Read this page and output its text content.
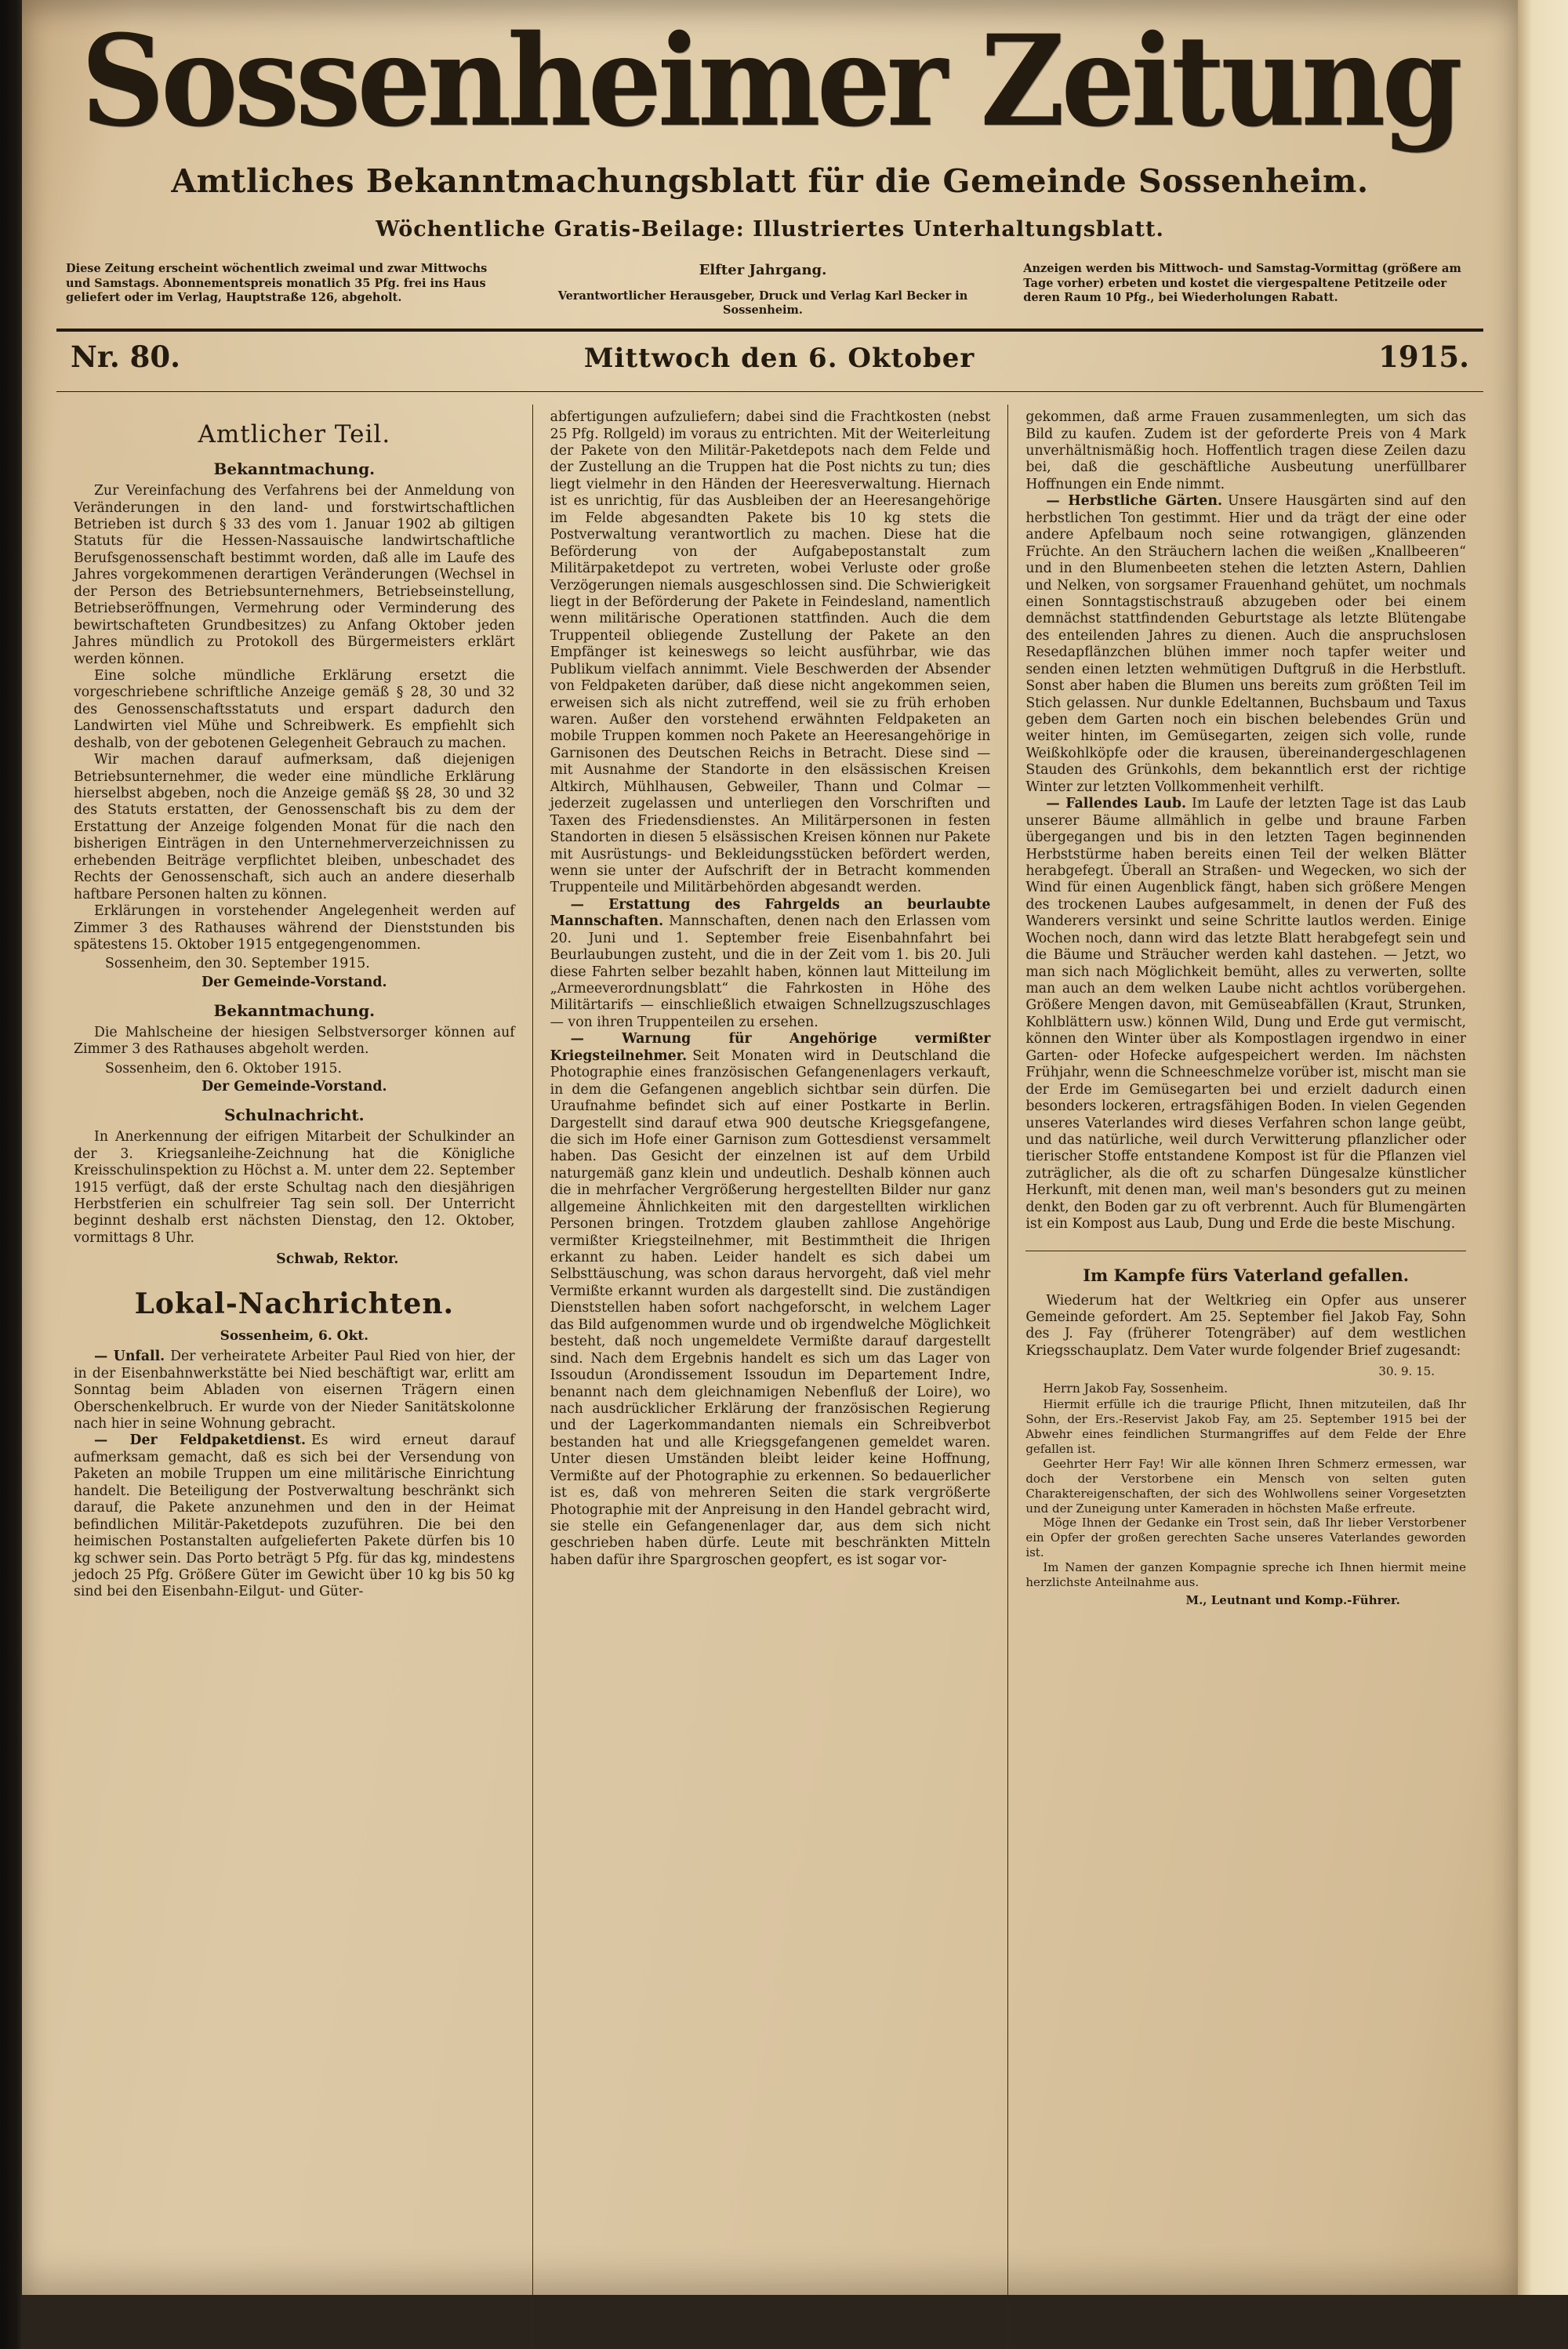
Sossenheimer Zeitung
Amtliches Bekanntmachungsblatt für die Gemeinde Sossenheim.
Wöchentliche Gratis-Beilage: Illustriertes Unterhaltungsblatt.
Diese Zeitung erscheint wöchentlich zweimal und zwar Mittwochs und Samstags. Abonnementspreis monatlich 35 Pfg. frei ins Haus geliefert oder im Verlag, Hauptstraße 126, abgeholt.
Elfter Jahrgang.
Verantwortlicher Herausgeber, Druck und Verlag Karl Becker in Sossenheim.
Anzeigen werden bis Mittwoch- und Samstag-Vormittag (größere am Tage vorher) erbeten und kostet die viergespaltene Petitzeile oder deren Raum 10 Pfg., bei Wiederholungen Rabatt.
Nr. 80.	Mittwoch den 6. Oktober	1915.
Amtlicher Teil.
Bekanntmachung.

Zur Vereinfachung des Verfahrens bei der Anmeldung von Veränderungen in den land- und forstwirtschaftlichen Betrieben ist durch § 33 des vom 1. Januar 1902 ab giltigen Statuts für die Hessen-Nassauische landwirtschaftliche Berufsgenossenschaft bestimmt worden, daß alle im Laufe des Jahres vorgekommenen derartigen Veränderungen (Wechsel in der Person des Betriebsunternehmers, Betriebseinstellung, Betriebseröffnungen, Vermehrung oder Verminderung des bewirtschafteten Grundbesitzes) zu Anfang Oktober jeden Jahres mündlich zu Protokoll des Bürgermeisters erklärt werden können.

Eine solche mündliche Erklärung ersetzt die vorgeschriebene schriftliche Anzeige gemäß § 28, 30 und 32 des Genossenschaftsstatuts und erspart dadurch den Landwirten viel Mühe und Schreibwerk. Es empfiehlt sich deshalb, von der gebotenen Gelegenheit Gebrauch zu machen.

Wir machen darauf aufmerksam, daß diejenigen Betriebsunternehmer, die weder eine mündliche Erklärung hierselbst abgeben, noch die Anzeige gemäß §§ 28, 30 und 32 des Statuts erstatten, der Genossenschaft bis zu dem der Erstattung der Anzeige folgenden Monat für die nach den bisherigen Einträgen in den Unternehmerverzeichnissen zu erhebenden Beiträge verpflichtet bleiben, unbeschadet des Rechts der Genossenschaft, sich auch an andere dieserhalb haftbare Personen halten zu können.

Erklärungen in vorstehender Angelegenheit werden auf Zimmer 3 des Rathauses während der Dienststunden bis spätestens 15. Oktober 1915 entgegengenommen.

Sossenheim, den 30. September 1915.

Der Gemeinde-Vorstand.

Bekanntmachung.

Die Mahlscheine der hiesigen Selbstversorger können auf Zimmer 3 des Rathauses abgeholt werden.

Sossenheim, den 6. Oktober 1915.

Der Gemeinde-Vorstand.

Schulnachricht.

In Anerkennung der eifrigen Mitarbeit der Schulkinder an der 3. Kriegsanleihe-Zeichnung hat die Königliche Kreisschulinspektion zu Höchst a. M. unter dem 22. September 1915 verfügt, daß der erste Schultag nach den diesjährigen Herbstferien ein schulfreier Tag sein soll. Der Unterricht beginnt deshalb erst nächsten Dienstag, den 12. Oktober, vormittags 8 Uhr.

Schwab, Rektor.

Lokal-Nachrichten.
Sossenheim, 6. Okt.

— Unfall. Der verheiratete Arbeiter Paul Ried von hier, der in der Eisenbahnwerkstätte bei Nied beschäftigt war, erlitt am Sonntag beim Abladen von eisernen Trägern einen Oberschenkelbruch. Er wurde von der Nieder Sanitätskolonne nach hier in seine Wohnung gebracht.

— Der Feldpaketdienst. Es wird erneut darauf aufmerksam gemacht, daß es sich bei der Versendung von Paketen an mobile Truppen um eine militärische Einrichtung handelt. Die Beteiligung der Postverwaltung beschränkt sich darauf, die Pakete anzunehmen und den in der Heimat befindlichen Militär-Paketdepots zuzuführen. Die bei den heimischen Postanstalten aufgelieferten Pakete dürfen bis 10 kg schwer sein. Das Porto beträgt 5 Pfg. für das kg, mindestens jedoch 25 Pfg. Größere Güter im Gewicht über 10 kg bis 50 kg sind bei den Eisenbahn-Eilgut- und Güter-

abfertigungen aufzuliefern; dabei sind die Frachtkosten (nebst 25 Pfg. Rollgeld) im voraus zu entrichten. Mit der Weiterleitung der Pakete von den Militär-Paketdepots nach dem Felde und der Zustellung an die Truppen hat die Post nichts zu tun; dies liegt vielmehr in den Händen der Heeresverwaltung. Hiernach ist es unrichtig, für das Ausbleiben der an Heeresangehörige im Felde abgesandten Pakete bis 10 kg stets die Postverwaltung verantwortlich zu machen. Diese hat die Beförderung von der Aufgabepostanstalt zum Militärpaketdepot zu vertreten, wobei Verluste oder große Verzögerungen niemals ausgeschlossen sind. Die Schwierigkeit liegt in der Beförderung der Pakete in Feindesland, namentlich wenn militärische Operationen stattfinden. Auch die dem Truppenteil obliegende Zustellung der Pakete an den Empfänger ist keineswegs so leicht ausführbar, wie das Publikum vielfach annimmt. Viele Beschwerden der Absender von Feldpaketen darüber, daß diese nicht angekommen seien, erweisen sich als nicht zutreffend, weil sie zu früh erhoben waren. Außer den vorstehend erwähnten Feldpaketen an mobile Truppen kommen noch Pakete an Heeresangehörige in Garnisonen des Deutschen Reichs in Betracht. Diese sind — mit Ausnahme der Standorte in den elsässischen Kreisen Altkirch, Mühlhausen, Gebweiler, Thann und Colmar — jederzeit zugelassen und unterliegen den Vorschriften und Taxen des Friedensdienstes. An Militärpersonen in festen Standorten in diesen 5 elsässischen Kreisen können nur Pakete mit Ausrüstungs- und Bekleidungsstücken befördert werden, wenn sie unter der Aufschrift der in Betracht kommenden Truppenteile und Militärbehörden abgesandt werden.

— Erstattung des Fahrgelds an beurlaubte Mannschaften. Mannschaften, denen nach den Erlassen vom 20. Juni und 1. September freie Eisenbahnfahrt bei Beurlaubungen zusteht, und die in der Zeit vom 1. bis 20. Juli diese Fahrten selber bezahlt haben, können laut Mitteilung im „Armeeverordnungsblatt“ die Fahrkosten in Höhe des Militärtarifs — einschließlich etwaigen Schnellzugszuschlages — von ihren Truppenteilen zu ersehen.

— Warnung für Angehörige vermißter Kriegsteilnehmer. Seit Monaten wird in Deutschland die Photographie eines französischen Gefangenenlagers verkauft, in dem die Gefangenen angeblich sichtbar sein dürfen. Die Uraufnahme befindet sich auf einer Postkarte in Berlin. Dargestellt sind darauf etwa 900 deutsche Kriegsgefangene, die sich im Hofe einer Garnison zum Gottesdienst versammelt haben. Das Gesicht der einzelnen ist auf dem Urbild naturgemäß ganz klein und undeutlich. Deshalb können auch die in mehrfacher Vergrößerung hergestellten Bilder nur ganz allgemeine Ähnlichkeiten mit den dargestellten wirklichen Personen bringen. Trotzdem glauben zahllose Angehörige vermißter Kriegsteilnehmer, mit Bestimmtheit die Ihrigen erkannt zu haben. Leider handelt es sich dabei um Selbsttäuschung, was schon daraus hervorgeht, daß viel mehr Vermißte erkannt wurden als dargestellt sind. Die zuständigen Dienststellen haben sofort nachgeforscht, in welchem Lager das Bild aufgenommen wurde und ob irgendwelche Möglichkeit besteht, daß noch ungemeldete Vermißte darauf dargestellt sind. Nach dem Ergebnis handelt es sich um das Lager von Issoudun (Arondissement Issoudun im Departement Indre, benannt nach dem gleichnamigen Nebenfluß der Loire), wo nach ausdrücklicher Erklärung der französischen Regierung und der Lagerkommandanten niemals ein Schreibverbot bestanden hat und alle Kriegsgefangenen gemeldet waren. Unter diesen Umständen bleibt leider keine Hoffnung, Vermißte auf der Photographie zu erkennen. So bedauerlicher ist es, daß von mehreren Seiten die stark vergrößerte Photographie mit der Anpreisung in den Handel gebracht wird, sie stelle ein Gefangenenlager dar, aus dem sich nicht geschrieben haben dürfe. Leute mit beschränkten Mitteln haben dafür ihre Spargroschen geopfert, es ist sogar vor-

gekommen, daß arme Frauen zusammenlegten, um sich das Bild zu kaufen. Zudem ist der geforderte Preis von 4 Mark unverhältnismäßig hoch. Hoffentlich tragen diese Zeilen dazu bei, daß die geschäftliche Ausbeutung unerfüllbarer Hoffnungen ein Ende nimmt.

— Herbstliche Gärten. Unsere Hausgärten sind auf den herbstlichen Ton gestimmt. Hier und da trägt der eine oder andere Apfelbaum noch seine rotwangigen, glänzenden Früchte. An den Sträuchern lachen die weißen „Knallbeeren“ und in den Blumenbeeten stehen die letzten Astern, Dahlien und Nelken, von sorgsamer Frauenhand gehütet, um nochmals einen Sonntagstischstrauß abzugeben oder bei einem demnächst stattfindenden Geburtstage als letzte Blütengabe des enteilenden Jahres zu dienen. Auch die anspruchslosen Resedapflänzchen blühen immer noch tapfer weiter und senden einen letzten wehmütigen Duftgruß in die Herbstluft. Sonst aber haben die Blumen uns bereits zum größten Teil im Stich gelassen. Nur dunkle Edeltannen, Buchsbaum und Taxus geben dem Garten noch ein bischen belebendes Grün und weiter hinten, im Gemüsegarten, zeigen sich volle, runde Weißkohlköpfe oder die krausen, übereinandergeschlagenen Stauden des Grünkohls, dem bekanntlich erst der richtige Winter zur letzten Vollkommenheit verhilft.

— Fallendes Laub. Im Laufe der letzten Tage ist das Laub unserer Bäume allmählich in gelbe und braune Farben übergegangen und bis in den letzten Tagen beginnenden Herbststürme haben bereits einen Teil der welken Blätter herabgefegt. Überall an Straßen- und Wegecken, wo sich der Wind für einen Augenblick fängt, haben sich größere Mengen des trockenen Laubes aufgesammelt, in denen der Fuß des Wanderers versinkt und seine Schritte lautlos werden. Einige Wochen noch, dann wird das letzte Blatt herabgefegt sein und die Bäume und Sträucher werden kahl dastehen. — Jetzt, wo man sich nach Möglichkeit bemüht, alles zu verwerten, sollte man auch an dem welken Laube nicht achtlos vorübergehen. Größere Mengen davon, mit Gemüseabfällen (Kraut, Strunken, Kohlblättern usw.) können Wild, Dung und Erde gut vermischt, können den Winter über als Kompostlagen irgendwo in einer Garten- oder Hofecke aufgespeichert werden. Im nächsten Frühjahr, wenn die Schneeschmelze vorüber ist, mischt man sie der Erde im Gemüsegarten bei und erzielt dadurch einen besonders lockeren, ertragsfähigen Boden. In vielen Gegenden unseres Vaterlandes wird dieses Verfahren schon lange geübt, und das natürliche, weil durch Verwitterung pflanzlicher oder tierischer Stoffe entstandene Kompost ist für die Pflanzen viel zuträglicher, als die oft zu scharfen Düngesalze künstlicher Herkunft, mit denen man, weil man's besonders gut zu meinen denkt, den Boden gar zu oft verbrennt. Auch für Blumengärten ist ein Kompost aus Laub, Dung und Erde die beste Mischung.

Im Kampfe fürs Vaterland gefallen.

Wiederum hat der Weltkrieg ein Opfer aus unserer Gemeinde gefordert. Am 25. September fiel Jakob Fay, Sohn des J. Fay (früherer Totengräber) auf dem westlichen Kriegsschauplatz. Dem Vater wurde folgender Brief zugesandt:

30. 9. 15.

Herrn Jakob Fay, Sossenheim.

Hiermit erfülle ich die traurige Pflicht, Ihnen mitzuteilen, daß Ihr Sohn, der Ers.-Reservist Jakob Fay, am 25. September 1915 bei der Abwehr eines feindlichen Sturmangriffes auf dem Felde der Ehre gefallen ist.

Geehrter Herr Fay! Wir alle können Ihren Schmerz ermessen, war doch der Verstorbene ein Mensch von selten guten Charaktereigenschaften, der sich des Wohlwollens seiner Vorgesetzten und der Zuneigung unter Kameraden in höchsten Maße erfreute.

Möge Ihnen der Gedanke ein Trost sein, daß Ihr lieber Verstorbener ein Opfer der großen gerechten Sache unseres Vaterlandes geworden ist.

Im Namen der ganzen Kompagnie spreche ich Ihnen hiermit meine herzlichste Anteilnahme aus.

M., Leutnant und Komp.-Führer.
